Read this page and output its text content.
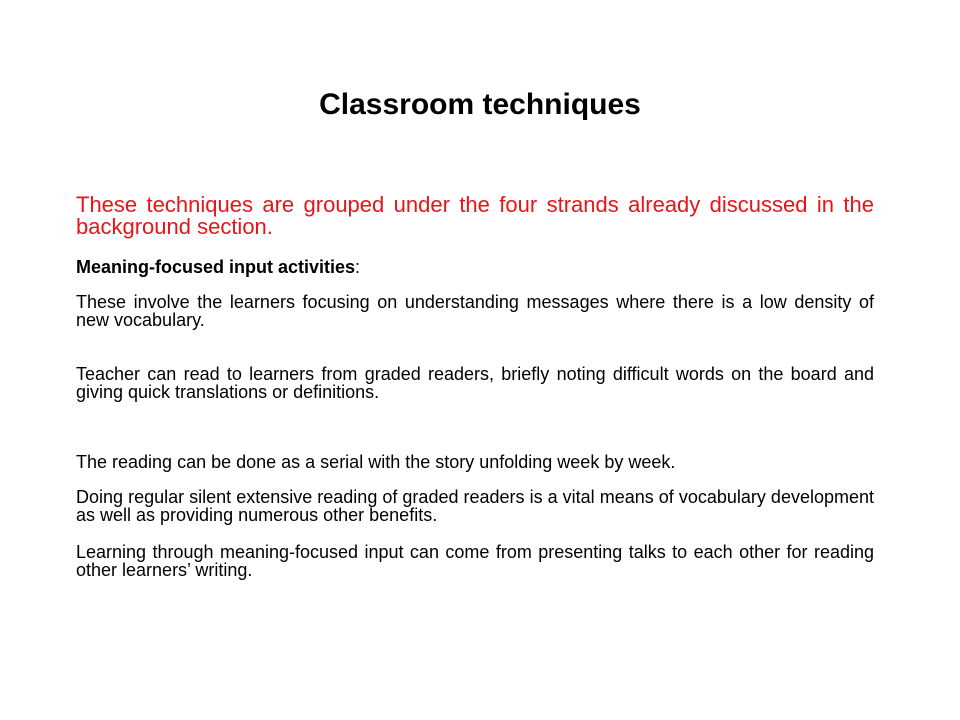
Classroom techniques

These techniques are grouped under the four strands already discussed in the background section.

Meaning-focused input activities:

These involve the learners focusing on understanding messages where there is a low density of new vocabulary.

Teacher can read to learners from graded readers, briefly noting difficult words on the board and giving quick translations or definitions.

The reading can be done as a serial with the story unfolding week by week.

Doing regular silent extensive reading of graded readers is a vital means of vocabulary development as well as providing numerous other benefits.

Learning through meaning-focused input can come from presenting talks to each other for reading other learners’ writing.
